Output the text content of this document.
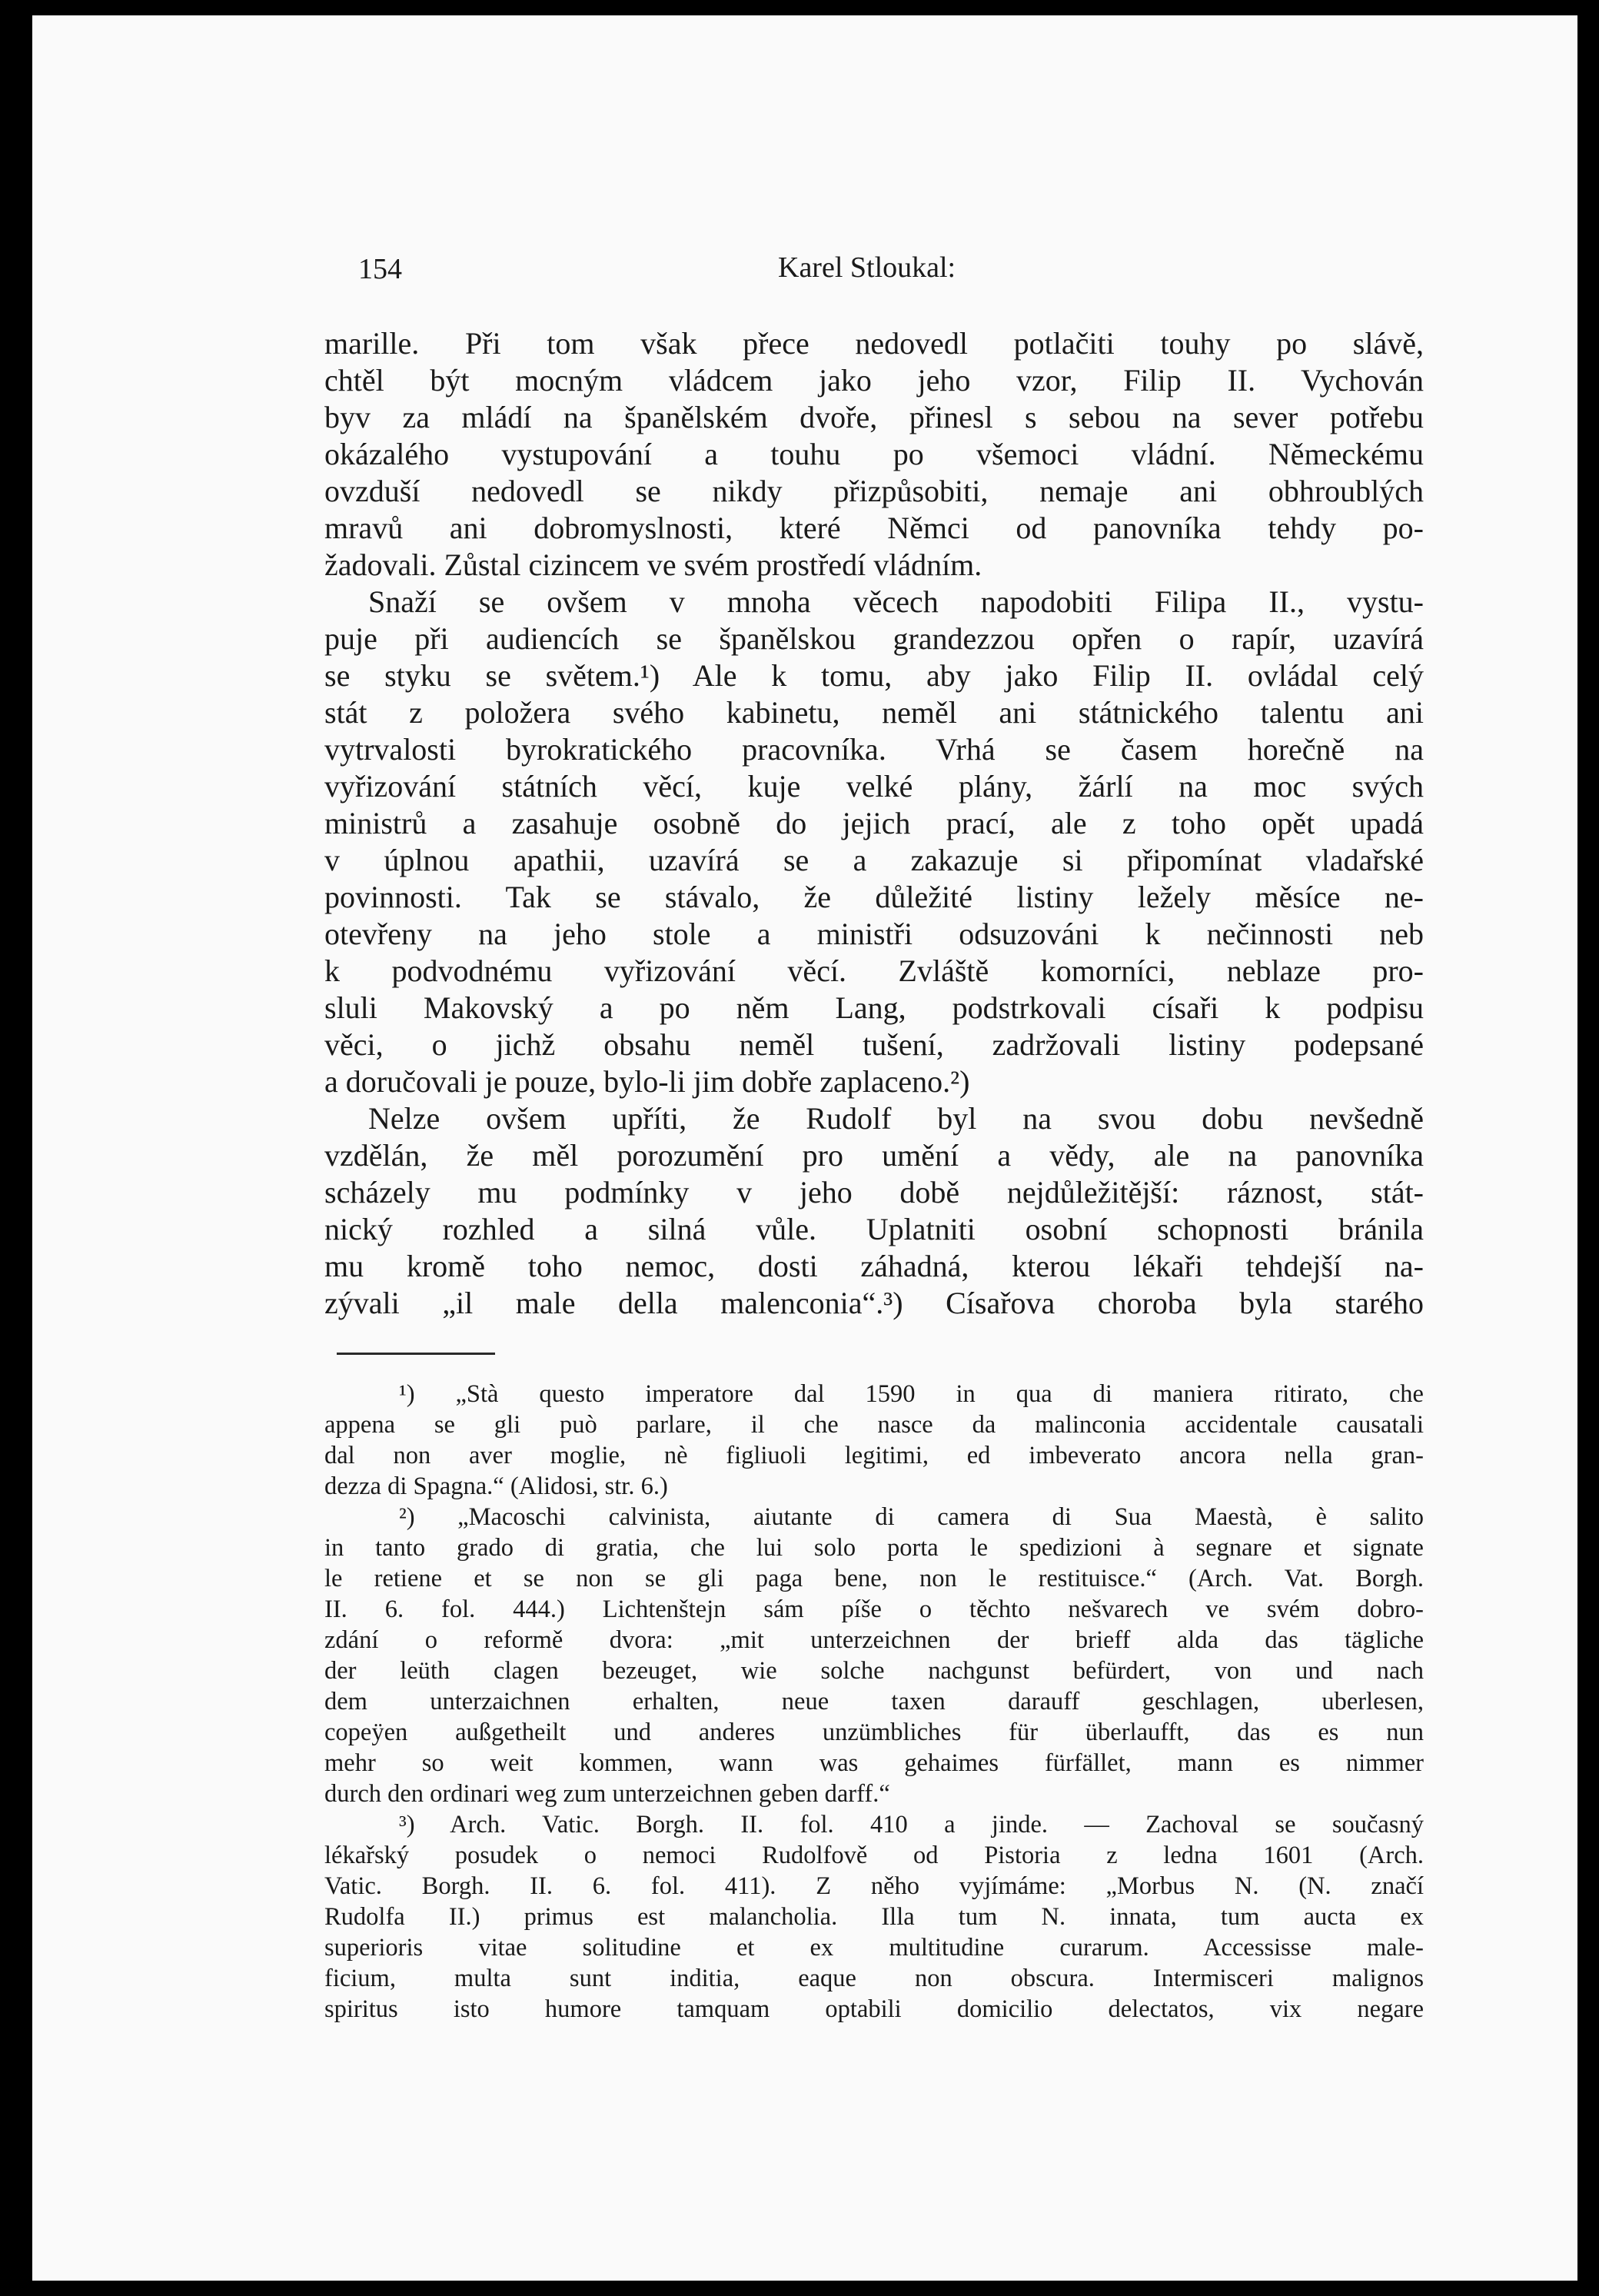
154	Karel Stloukal:
marille. Při tom však přece nedovedl potlačiti touhy po slávě,
chtěl být mocným vládcem jako jeho vzor, Filip II. Vychován
byv za mládí na španělském dvoře, přinesl s sebou na sever potřebu
okázalého vystupování a touhu po všemoci vládní. Německému
ovzduší nedovedl se nikdy přizpůsobiti, nemaje ani obhroublých
mravů ani dobromyslnosti, které Němci od panovníka tehdy po-
žadovali. Zůstal cizincem ve svém prostředí vládním.
Snaží se ovšem v mnoha věcech napodobiti Filipa II., vystu-
puje při audiencích se španělskou grandezzou opřen o rapír, uzavírá
se styku se světem.¹) Ale k tomu, aby jako Filip II. ovládal celý
stát z položera svého kabinetu, neměl ani státnického talentu ani
vytrvalosti byrokratického pracovníka. Vrhá se časem horečně na
vyřizování státních věcí, kuje velké plány, žárlí na moc svých
ministrů a zasahuje osobně do jejich prací, ale z toho opět upadá
v úplnou apathii, uzavírá se a zakazuje si připomínat vladařské
povinnosti. Tak se stávalo, že důležité listiny ležely měsíce ne-
otevřeny na jeho stole a ministři odsuzováni k nečinnosti neb
k podvodnému vyřizování věcí. Zvláště komorníci, neblaze pro-
sluli Makovský a po něm Lang, podstrkovali císaři k podpisu
věci, o jichž obsahu neměl tušení, zadržovali listiny podepsané
a doručovali je pouze, bylo-li jim dobře zaplaceno.²)
Nelze ovšem upříti, že Rudolf byl na svou dobu nevšedně
vzdělán, že měl porozumění pro umění a vědy, ale na panovníka
scházely mu podmínky v jeho době nejdůležitější: ráznost, stát-
nický rozhled a silná vůle. Uplatniti osobní schopnosti bránila
mu kromě toho nemoc, dosti záhadná, kterou lékaři tehdejší na-
zývali „il male della malenconia“.³) Císařova choroba byla starého
¹) „Stà questo imperatore dal 1590 in qua di maniera ritirato, che
appena se gli può parlare, il che nasce da malinconia accidentale causatali
dal non aver moglie, nè figliuoli legitimi, ed imbeverato ancora nella gran-
dezza di Spagna.“ (Alidosi, str. 6.)
²) „Macoschi calvinista, aiutante di camera di Sua Maestà, è salito
in tanto grado di gratia, che lui solo porta le spedizioni à segnare et signate
le retiene et se non se gli paga bene, non le restituisce.“ (Arch. Vat. Borgh.
II. 6. fol. 444.) Lichtenštejn sám píše o těchto nešvarech ve svém dobro-
zdání o reformě dvora: „mit unterzeichnen der brieff alda das tägliche
der leüth clagen bezeuget, wie solche nachgunst befürdert, von und nach
dem unterzaichnen erhalten, neue taxen darauff geschlagen, uberlesen,
copeÿen außgetheilt und anderes unzümbliches für überlaufft, das es nun
mehr so weit kommen, wann was gehaimes fürfället, mann es nimmer
durch den ordinari weg zum unterzeichnen geben darff.“
³) Arch. Vatic. Borgh. II. fol. 410 a jinde. — Zachoval se současný
lékařský posudek o nemoci Rudolfově od Pistoria z ledna 1601 (Arch.
Vatic. Borgh. II. 6. fol. 411). Z něho vyjímáme: „Morbus N. (N. značí
Rudolfa II.) primus est malancholia. Illa tum N. innata, tum aucta ex
superioris vitae solitudine et ex multitudine curarum. Accessisse male-
ficium, multa sunt inditia, eaque non obscura. Intermisceri malignos
spiritus isto humore tamquam optabili domicilio delectatos, vix negare
